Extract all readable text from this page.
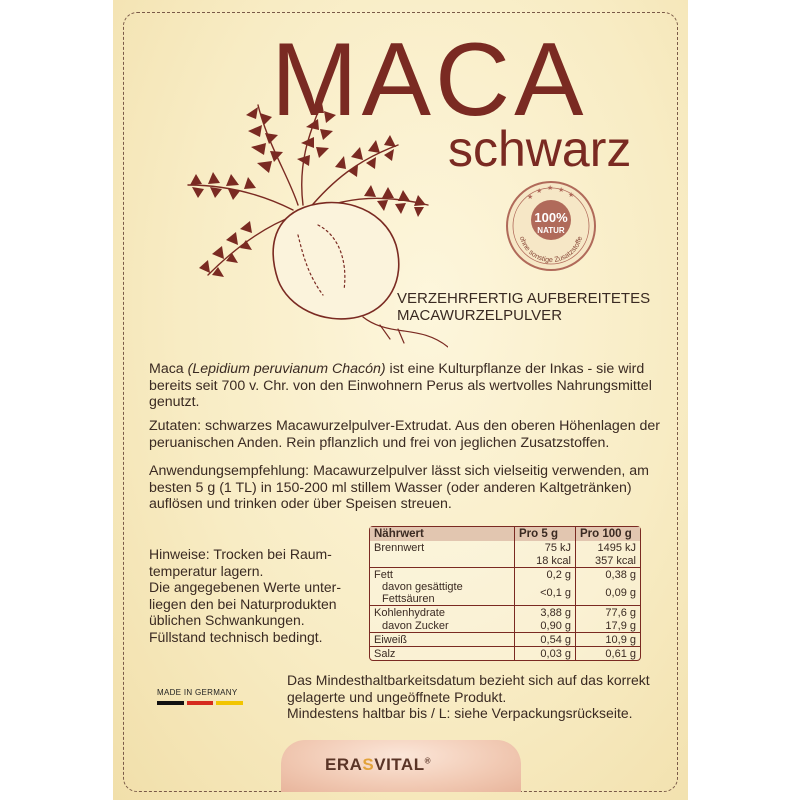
MACA
schwarz
★
★ ★ ★
★
100%
NATUR
ohne sonstige Zusatzstoffe
VERZEHRFERTIG AUFBEREITETES
MACAWURZELPULVER
Maca (Lepidium peruvianum Chacón) ist eine Kulturpflanze der Inkas - sie wird bereits seit 700 v. Chr. von den Einwohnern Perus als wertvolles Nahrungsmittel genutzt.
Zutaten: schwarzes Macawurzelpulver-Extrudat. Aus den oberen Höhenlagen der peruanischen Anden. Rein pflanzlich und frei von jeglichen Zusatzstoffen.
Anwendungsempfehlung: Macawurzelpulver lässt sich vielseitig verwenden, am besten 5 g (1 TL) in 150-200 ml stillem Wasser (oder anderen Kaltgetränken) auflösen und trinken oder über Speisen streuen.
Hinweise: Trocken bei Raum-
temperatur lagern.
Die angegebenen Werte unter-
liegen den bei Naturprodukten
üblichen Schwankungen.
Füllstand technisch bedingt.
Nährwert	Pro 5 g	Pro 100 g
Brennwert	75 kJ	1495 kJ
	18 kcal	357 kcal
Fett	0,2 g	0,38 g
davon gesättigte Fettsäuren	<0,1 g	0,09 g
Kohlenhydrate	3,88 g	77,6 g
davon Zucker	0,90 g	17,9 g
Eiweiß	0,54 g	10,9 g
Salz	0,03 g	0,61 g
MADE IN GERMANY
Das Mindesthaltbarkeitsdatum bezieht sich auf das korrekt
gelagerte und ungeöffnete Produkt.
Mindestens haltbar bis / L: siehe Verpackungsrückseite.
ERASVITAL®
